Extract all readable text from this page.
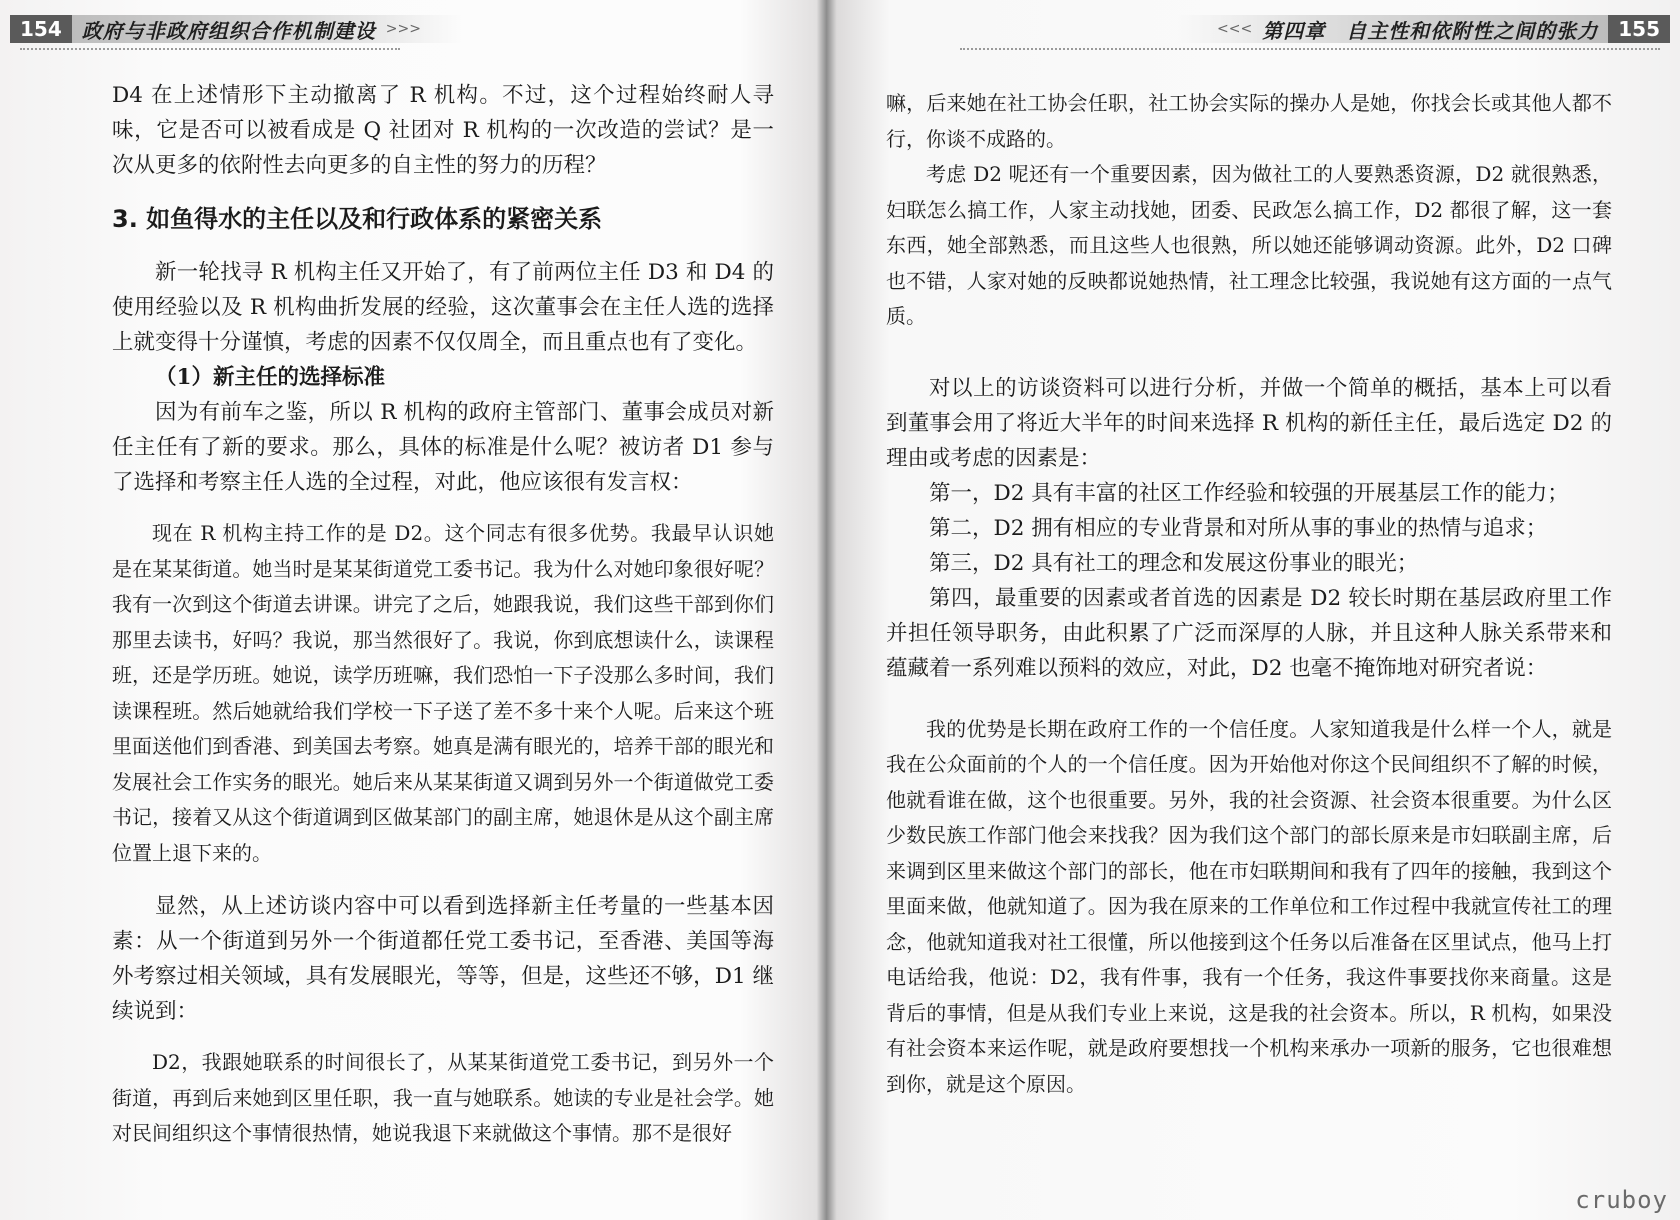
154	政府与非政府组织合作机制建设 >>>

D4 在上述情形下主动撤离了 R 机构。不过，这个过程始终耐人寻味，它是否可以被看成是 Q 社团对 R 机构的一次改造的尝试？是一次从更多的依附性去向更多的自主性的努力的历程？

3. 如鱼得水的主任以及和行政体系的紧密关系

新一轮找寻 R 机构主任又开始了，有了前两位主任 D3 和 D4 的使用经验以及 R 机构曲折发展的经验，这次董事会在主任人选的选择上就变得十分谨慎，考虑的因素不仅仅周全，而且重点也有了变化。

（1）新主任的选择标准

因为有前车之鉴，所以 R 机构的政府主管部门、董事会成员对新任主任有了新的要求。那么，具体的标准是什么呢？被访者 D1 参与了选择和考察主任人选的全过程，对此，他应该很有发言权：

现在 R 机构主持工作的是 D2。这个同志有很多优势。我最早认识她是在某某街道。她当时是某某街道党工委书记。我为什么对她印象很好呢？我有一次到这个街道去讲课。讲完了之后，她跟我说，我们这些干部到你们那里去读书，好吗？我说，那当然很好了。我说，你到底想读什么，读课程班，还是学历班。她说，读学历班嘛，我们恐怕一下子没那么多时间，我们读课程班。然后她就给我们学校一下子送了差不多十来个人呢。后来这个班里面送他们到香港、到美国去考察。她真是满有眼光的，培养干部的眼光和发展社会工作实务的眼光。她后来从某某街道又调到另外一个街道做党工委书记，接着又从这个街道调到区做某部门的副主席，她退休是从这个副主席位置上退下来的。

显然，从上述访谈内容中可以看到选择新主任考量的一些基本因素：从一个街道到另外一个街道都任党工委书记，至香港、美国等海外考察过相关领域，具有发展眼光，等等，但是，这些还不够，D1 继续说到：

D2，我跟她联系的时间很长了，从某某街道党工委书记，到另外一个街道，再到后来她到区里任职，我一直与她联系。她读的专业是社会学。她对民间组织这个事情很热情，她说我退下来就做这个事情。那不是很好

<<< 第四章　自主性和依附性之间的张力	155

嘛，后来她在社工协会任职，社工协会实际的操办人是她，你找会长或其他人都不行，你谈不成路的。

考虑 D2 呢还有一个重要因素，因为做社工的人要熟悉资源，D2 就很熟悉，妇联怎么搞工作，人家主动找她，团委、民政怎么搞工作，D2 都很了解，这一套东西，她全部熟悉，而且这些人也很熟，所以她还能够调动资源。此外，D2 口碑也不错，人家对她的反映都说她热情，社工理念比较强，我说她有这方面的一点气质。

对以上的访谈资料可以进行分析，并做一个简单的概括，基本上可以看到董事会用了将近大半年的时间来选择 R 机构的新任主任，最后选定 D2 的理由或考虑的因素是：

第一，D2 具有丰富的社区工作经验和较强的开展基层工作的能力；

第二，D2 拥有相应的专业背景和对所从事的事业的热情与追求；

第三，D2 具有社工的理念和发展这份事业的眼光；

第四，最重要的因素或者首选的因素是 D2 较长时期在基层政府里工作并担任领导职务，由此积累了广泛而深厚的人脉，并且这种人脉关系带来和蕴藏着一系列难以预料的效应，对此，D2 也毫不掩饰地对研究者说：

我的优势是长期在政府工作的一个信任度。人家知道我是什么样一个人，就是我在公众面前的个人的一个信任度。因为开始他对你这个民间组织不了解的时候，他就看谁在做，这个也很重要。另外，我的社会资源、社会资本很重要。为什么区少数民族工作部门他会来找我？因为我们这个部门的部长原来是市妇联副主席，后来调到区里来做这个部门的部长，他在市妇联期间和我有了四年的接触，我到这个里面来做，他就知道了。因为我在原来的工作单位和工作过程中我就宣传社工的理念，他就知道我对社工很懂，所以他接到这个任务以后准备在区里试点，他马上打电话给我，他说：D2，我有件事，我有一个任务，我这件事要找你来商量。这是背后的事情，但是从我们专业上来说，这是我的社会资本。所以，R 机构，如果没有社会资本来运作呢，就是政府要想找一个机构来承办一项新的服务，它也很难想到你，就是这个原因。

cruboy
